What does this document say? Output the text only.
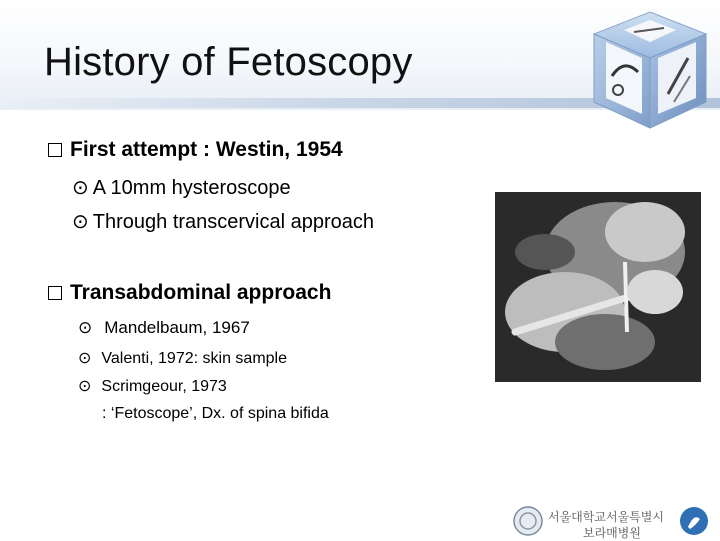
History of Fetoscopy
First attempt : Westin, 1954
⊙ A 10mm hysteroscope
⊙ Through transcervical approach
Transabdominal approach
⊙ Mandelbaum, 1967
⊙ Valenti, 1972: skin sample
⊙ Scrimgeour, 1973
: ‘Fetoscope’, Dx. of spina bifida
서울대학교 서울특별시
보라매병원
